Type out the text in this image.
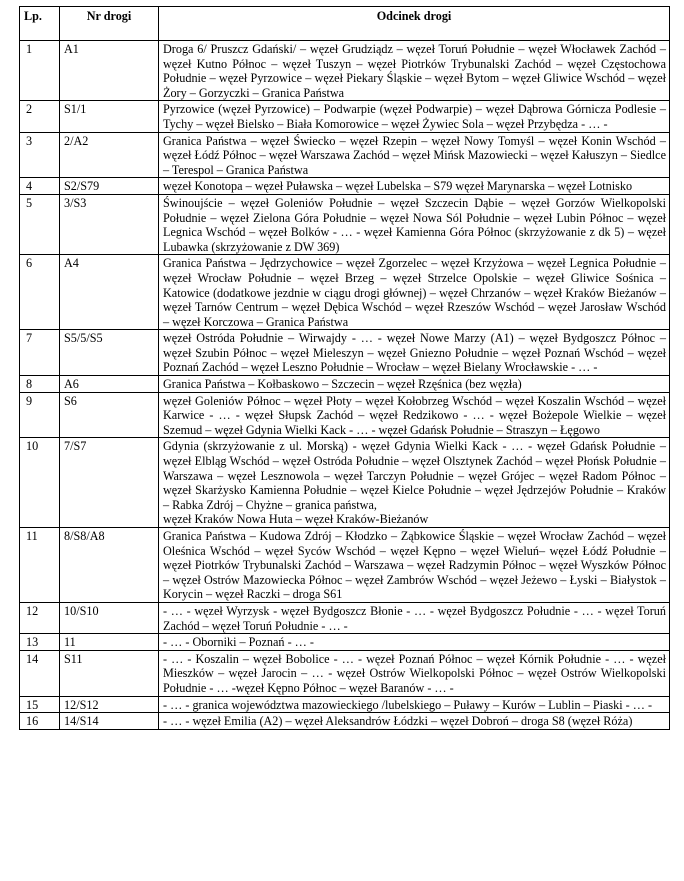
Lp.	Nr drogi	Odcinek drogi
1	A1	Droga 6/ Pruszcz Gdański/ – węzeł Grudziądz – węzeł Toruń Południe – węzeł Włocławek Zachód – węzeł Kutno Północ – węzeł Tuszyn – węzeł Piotrków Trybunalski Zachód – węzeł Częstochowa Południe – węzeł Pyrzowice – węzeł Piekary Śląskie – węzeł Bytom – węzeł Gliwice Wschód – węzeł Żory – Gorzyczki – Granica Państwa

2	S1/1	Pyrzowice (węzeł Pyrzowice) – Podwarpie (węzeł Podwarpie) – węzeł Dąbrowa Górnicza Podlesie – Tychy – węzeł Bielsko – Biała Komorowice – węzeł Żywiec Sola – węzeł Przybędza - … -

3	2/A2	Granica Państwa – węzeł Świecko – węzeł Rzepin – węzeł Nowy Tomyśl – węzeł Konin Wschód – węzeł Łódź Północ – węzeł Warszawa Zachód – węzeł Mińsk Mazowiecki – węzeł Kałuszyn – Siedlce – Terespol – Granica Państwa

4	S2/S79	węzeł Konotopa – węzeł Puławska – węzeł Lubelska – S79 węzeł Marynarska – węzeł Lotnisko

5	3/S3	Świnoujście – węzeł Goleniów Południe – węzeł Szczecin Dąbie – węzeł Gorzów Wielkopolski Południe – węzeł Zielona Góra Południe – węzeł Nowa Sól Południe – węzeł Lubin Północ – węzeł Legnica Wschód – węzeł Bolków - … - węzeł Kamienna Góra Północ (skrzyżowanie z dk 5) – węzeł Lubawka (skrzyżowanie z DW 369)

6	A4	Granica Państwa – Jędrzychowice – węzeł Zgorzelec – węzeł Krzyżowa – węzeł Legnica Południe – węzeł Wrocław Południe – węzeł Brzeg – węzeł Strzelce Opolskie – węzeł Gliwice Sośnica – Katowice (dodatkowe jezdnie w ciągu drogi głównej) – węzeł Chrzanów – węzeł Kraków Bieżanów – węzeł Tarnów Centrum – węzeł Dębica Wschód – węzeł Rzeszów Wschód – węzeł Jarosław Wschód – węzeł Korczowa – Granica Państwa

7	S5/5/S5	węzeł Ostróda Południe – Wirwajdy - … - węzeł Nowe Marzy (A1) – węzeł Bydgoszcz Północ – węzeł Szubin Północ – węzeł Mieleszyn – węzeł Gniezno Południe – węzeł Poznań Wschód – węzeł Poznań Zachód – węzeł Leszno Południe – Wrocław – węzeł Bielany Wrocławskie - … -

8	A6	Granica Państwa – Kołbaskowo – Szczecin – węzeł Rzęśnica (bez węzła)

9	S6	węzeł Goleniów Północ – węzeł Płoty – węzeł Kołobrzeg Wschód – węzeł Koszalin Wschód – węzeł Karwice - … - węzeł Słupsk Zachód – węzeł Redzikowo - … - węzeł Bożepole Wielkie – węzeł Szemud – węzeł Gdynia Wielki Kack - … - węzeł Gdańsk Południe – Straszyn – Łęgowo

10	7/S7	Gdynia (skrzyżowanie z ul. Morską) - węzeł Gdynia Wielki Kack - … - węzeł Gdańsk Południe – węzeł Elbląg Wschód – węzeł Ostróda Południe – węzeł Olsztynek Zachód – węzeł Płońsk Południe – Warszawa – węzeł Lesznowola – węzeł Tarczyn Południe – węzeł Grójec – węzeł Radom Północ – węzeł Skarżysko Kamienna Południe – węzeł Kielce Południe – węzeł Jędrzejów Południe – Kraków – Rabka Zdrój – Chyżne – granica państwa,
węzeł Kraków Nowa Huta – węzeł Kraków-Bieżanów

11	8/S8/A8	Granica Państwa – Kudowa Zdrój – Kłodzko – Ząbkowice Śląskie – węzeł Wrocław Zachód – węzeł Oleśnica Wschód – węzeł Syców Wschód – węzeł Kępno – węzeł Wieluń– węzeł Łódź Południe – węzeł Piotrków Trybunalski Zachód – Warszawa – węzeł Radzymin Północ – węzeł Wyszków Północ – węzeł Ostrów Mazowiecka Północ – węzeł Zambrów Wschód – węzeł Jeżewo – Łyski – Białystok – Korycin – węzeł Raczki – droga S61

12	10/S10	- … - węzeł Wyrzysk - węzeł Bydgoszcz Błonie - … - węzeł Bydgoszcz Południe - … - węzeł Toruń Zachód – węzeł Toruń Południe - … -

13	11	- … - Oborniki – Poznań - … -

14	S11	- … - Koszalin – węzeł Bobolice - … - węzeł Poznań Północ – węzeł Kórnik Południe - … - węzeł Mieszków – węzeł Jarocin – … - węzeł Ostrów Wielkopolski Północ – węzeł Ostrów Wielkopolski Południe - … -węzeł Kępno Północ – węzeł Baranów - … -

15	12/S12	- … - granica województwa mazowieckiego /lubelskiego – Puławy – Kurów – Lublin – Piaski - … -

16	14/S14	- … - węzeł Emilia (A2) – węzeł Aleksandrów Łódzki – węzeł Dobroń – droga S8 (węzeł Róża)
